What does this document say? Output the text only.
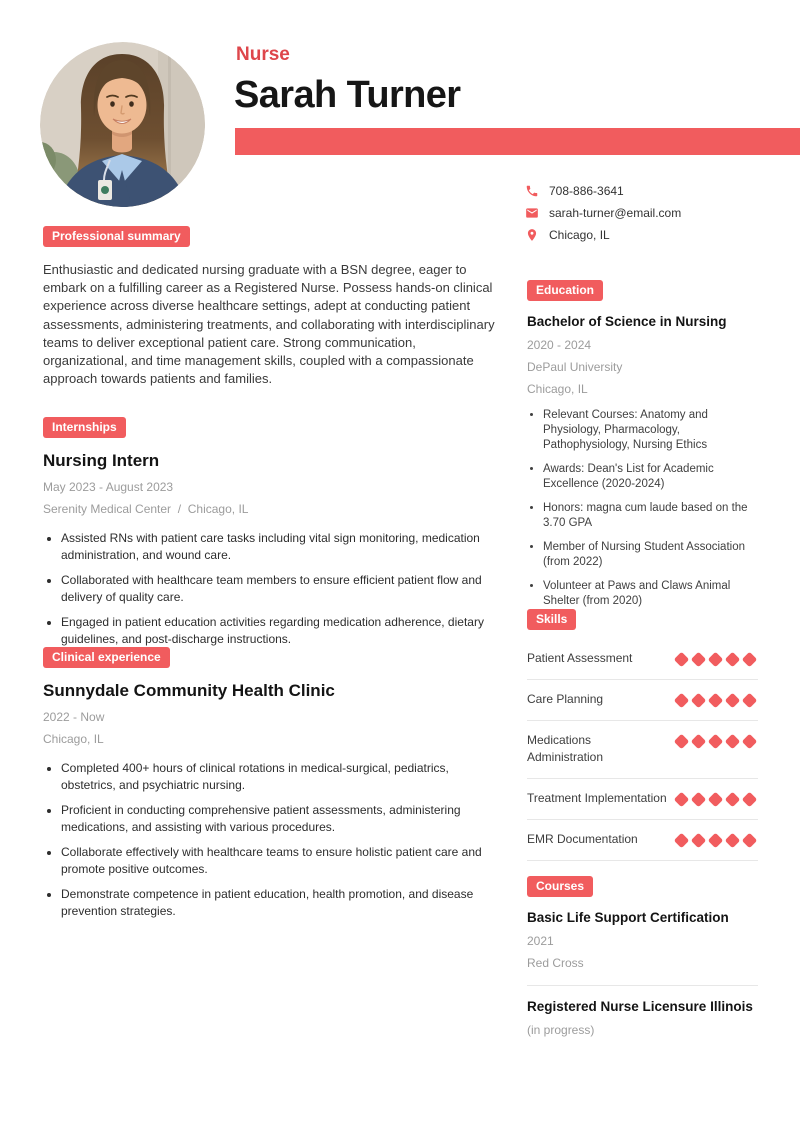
Nurse
Sarah Turner
708-886-3641
sarah-turner@email.com
Chicago, IL
Professional summary

Enthusiastic and dedicated nursing graduate with a BSN degree, eager to embark on a fulfilling career as a Registered Nurse. Possess hands-on clinical experience across diverse healthcare settings, adept at conducting patient assessments, administering treatments, and collaborating with interdisciplinary teams to deliver exceptional patient care. Strong communication, organizational, and time management skills, coupled with a compassionate approach towards patients and families.

Internships
Nursing Intern
May 2023 - August 2023
Serenity Medical Center / Chicago, IL
• Assisted RNs with patient care tasks including vital sign monitoring, medication administration, and wound care.
• Collaborated with healthcare team members to ensure efficient patient flow and delivery of quality care.
• Engaged in patient education activities regarding medication adherence, dietary guidelines, and post-discharge instructions.
Clinical experience
Sunnydale Community Health Clinic
2022 - Now
Chicago, IL
• Completed 400+ hours of clinical rotations in medical-surgical, pediatrics, obstetrics, and psychiatric nursing.
• Proficient in conducting comprehensive patient assessments, administering medications, and assisting with various procedures.
• Collaborate effectively with healthcare teams to ensure holistic patient care and promote positive outcomes.
• Demonstrate competence in patient education, health promotion, and disease prevention strategies.
Education
Bachelor of Science in Nursing
2020 - 2024
DePaul University
Chicago, IL
• Relevant Courses: Anatomy and Physiology, Pharmacology, Pathophysiology, Nursing Ethics
• Awards: Dean's List for Academic Excellence (2020-2024)
• Honors: magna cum laude based on the 3.70 GPA
• Member of Nursing Student Association (from 2022)
• Volunteer at Paws and Claws Animal Shelter (from 2020)
Skills
Patient Assessment
Care Planning
Medications Administration
Treatment Implementation
EMR Documentation
Courses
Basic Life Support Certification
2021
Red Cross
Registered Nurse Licensure Illinois
(in progress)
